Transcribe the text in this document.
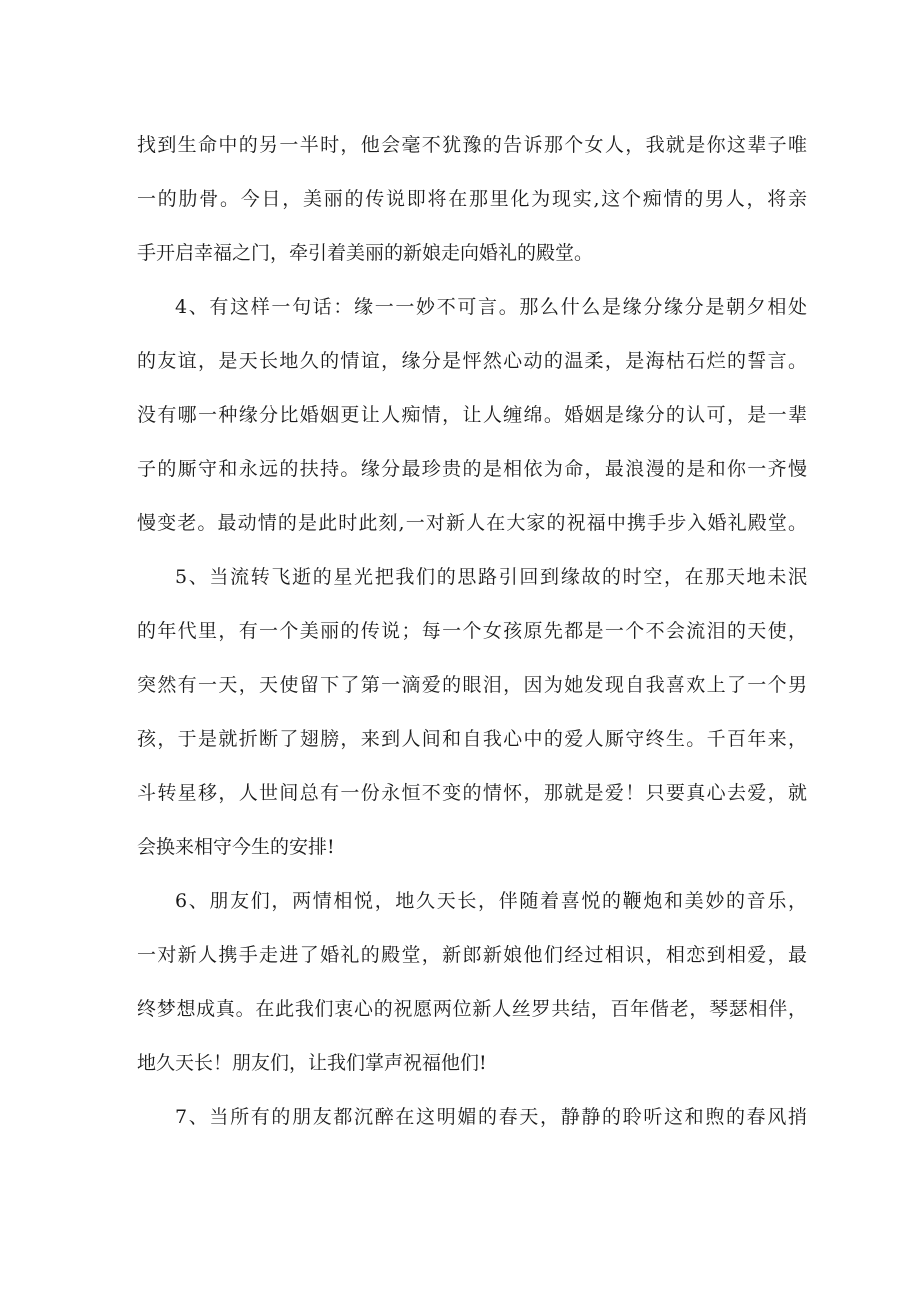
找到生命中的另一半时，他会毫不犹豫的告诉那个女人，我就是你这辈子唯
一的肋骨。今日，美丽的传说即将在那里化为现实,这个痴情的男人，将亲
手开启幸福之门，牵引着美丽的新娘走向婚礼的殿堂。

4、有这样一句话：缘一一妙不可言。那么什么是缘分缘分是朝夕相处
的友谊，是天长地久的情谊，缘分是怦然心动的温柔，是海枯石烂的誓言。
没有哪一种缘分比婚姻更让人痴情，让人缠绵。婚姻是缘分的认可，是一辈
子的厮守和永远的扶持。缘分最珍贵的是相依为命，最浪漫的是和你一齐慢
慢变老。最动情的是此时此刻,一对新人在大家的祝福中携手步入婚礼殿堂。

5、当流转飞逝的星光把我们的思路引回到缘故的时空，在那天地未泯
的年代里，有一个美丽的传说；每一个女孩原先都是一个不会流泪的天使，
突然有一天，天使留下了第一滴爱的眼泪，因为她发现自我喜欢上了一个男
孩，于是就折断了翅膀，来到人间和自我心中的爱人厮守终生。千百年来，
斗转星移，人世间总有一份永恒不变的情怀，那就是爱！只要真心去爱，就
会换来相守今生的安排!

6、朋友们，两情相悦，地久天长，伴随着喜悦的鞭炮和美妙的音乐，
一对新人携手走进了婚礼的殿堂，新郎新娘他们经过相识，相恋到相爱，最
终梦想成真。在此我们衷心的祝愿两位新人丝罗共结，百年偕老，琴瑟相伴，
地久天长！朋友们，让我们掌声祝福他们!

7、当所有的朋友都沉醉在这明媚的春天，静静的聆听这和煦的春风捎
